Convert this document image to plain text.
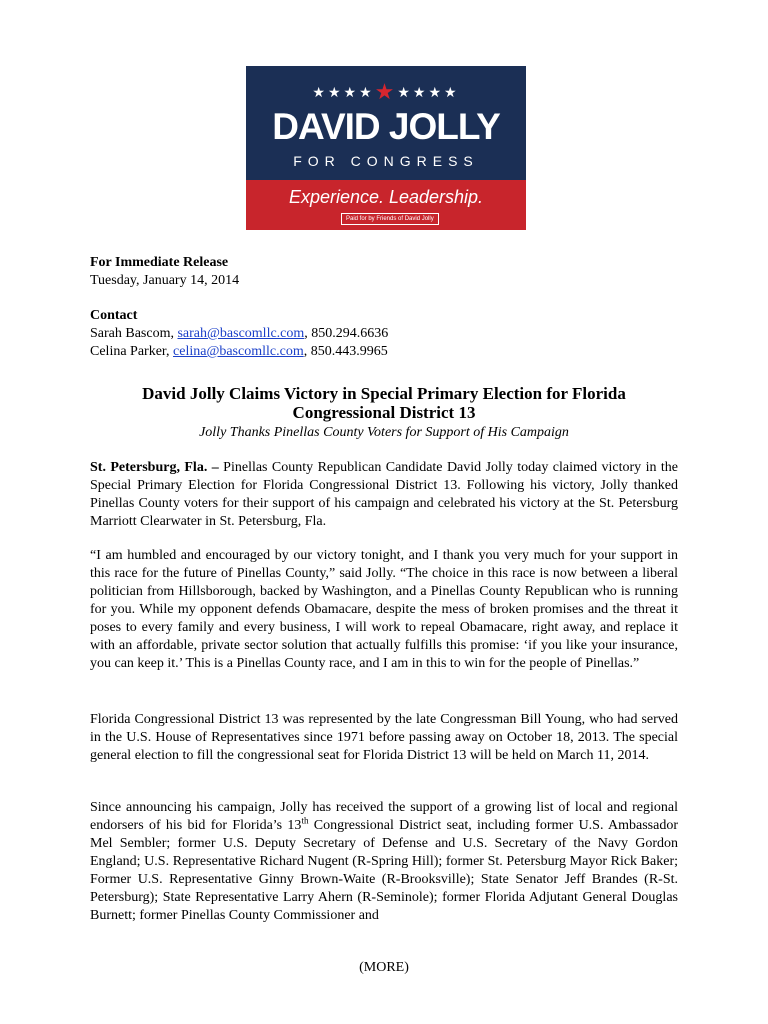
★★★★★★★★★
DAVID JOLLY
FOR CONGRESS
Experience. Leadership.
Paid for by Friends of David Jolly
For Immediate Release
Tuesday, January 14, 2014
Contact
Sarah Bascom, sarah@bascomllc.com, 850.294.6636
Celina Parker, celina@bascomllc.com, 850.443.9965
David Jolly Claims Victory in Special Primary Election for Florida
Congressional District 13
Jolly Thanks Pinellas County Voters for Support of His Campaign

St. Petersburg, Fla. – Pinellas County Republican Candidate David Jolly today claimed victory in the Special Primary Election for Florida Congressional District 13. Following his victory, Jolly thanked Pinellas County voters for their support of his campaign and celebrated his victory at the St. Petersburg Marriott Clearwater in St. Petersburg, Fla.

“I am humbled and encouraged by our victory tonight, and I thank you very much for your support in this race for the future of Pinellas County,” said Jolly. “The choice in this race is now between a liberal politician from Hillsborough, backed by Washington, and a Pinellas County Republican who is running for you. While my opponent defends Obamacare, despite the mess of broken promises and the threat it poses to every family and every business, I will work to repeal Obamacare, right away, and replace it with an affordable, private sector solution that actually fulfills this promise: ‘if you like your insurance, you can keep it.’ This is a Pinellas County race, and I am in this to win for the people of Pinellas.”

Florida Congressional District 13 was represented by the late Congressman Bill Young, who had served in the U.S. House of Representatives since 1971 before passing away on October 18, 2013. The special general election to fill the congressional seat for Florida District 13 will be held on March 11, 2014.

Since announcing his campaign, Jolly has received the support of a growing list of local and regional endorsers of his bid for Florida’s 13th Congressional District seat, including former U.S. Ambassador Mel Sembler; former U.S. Deputy Secretary of Defense and U.S. Secretary of the Navy Gordon England; U.S. Representative Richard Nugent (R-Spring Hill); former St. Petersburg Mayor Rick Baker; Former U.S. Representative Ginny Brown-Waite (R-Brooksville); State Senator Jeff Brandes (R-St. Petersburg); State Representative Larry Ahern (R-Seminole); former Florida Adjutant General Douglas Burnett; former Pinellas County Commissioner and

(MORE)
